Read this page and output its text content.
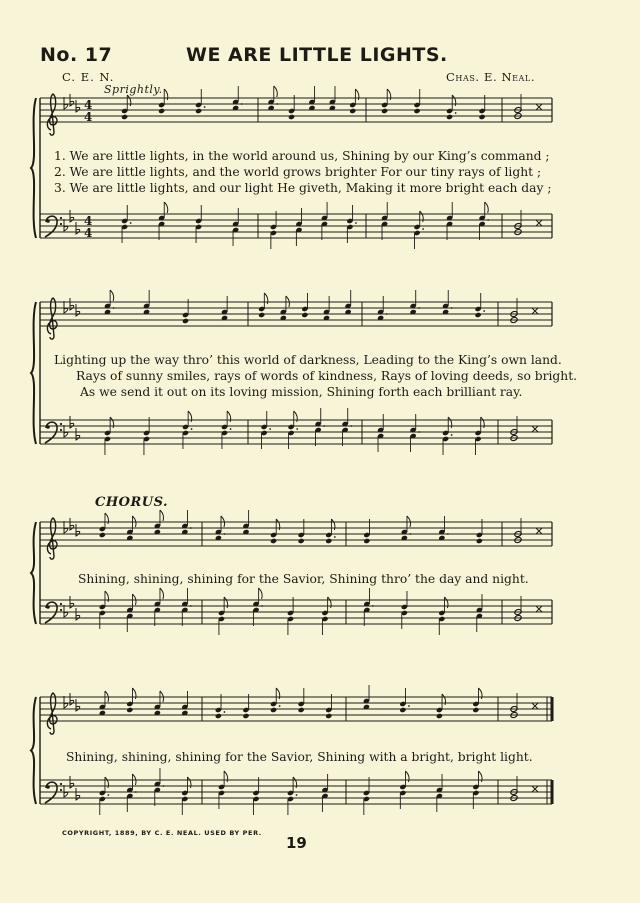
No. 17	WE ARE LITTLE LIGHTS.
C. E. N.	Chas. E. Neal.
Sprightly.
4
4
4
4
1. We are little lights, in the world around us, Shining by our King’s command ;
2. We are little lights, and the world grows brighter For our tiny rays of light ;
3. We are little lights, and our light He giveth, Making it more bright each day ;
Lighting up the way thro’ this world of darkness, Leading to the King’s own land.
Rays of sunny smiles, rays of words of kindness, Rays of loving deeds, so bright.
As we send it out on its loving mission, Shining forth each brilliant ray.
CHORUS.
Shining, shining, shining for the Savior, Shining thro’ the day and night.
Shining, shining, shining for the Savior, Shining with a bright, bright light.
COPYRIGHT, 1889, BY C. E. NEAL. USED BY PER.
19
